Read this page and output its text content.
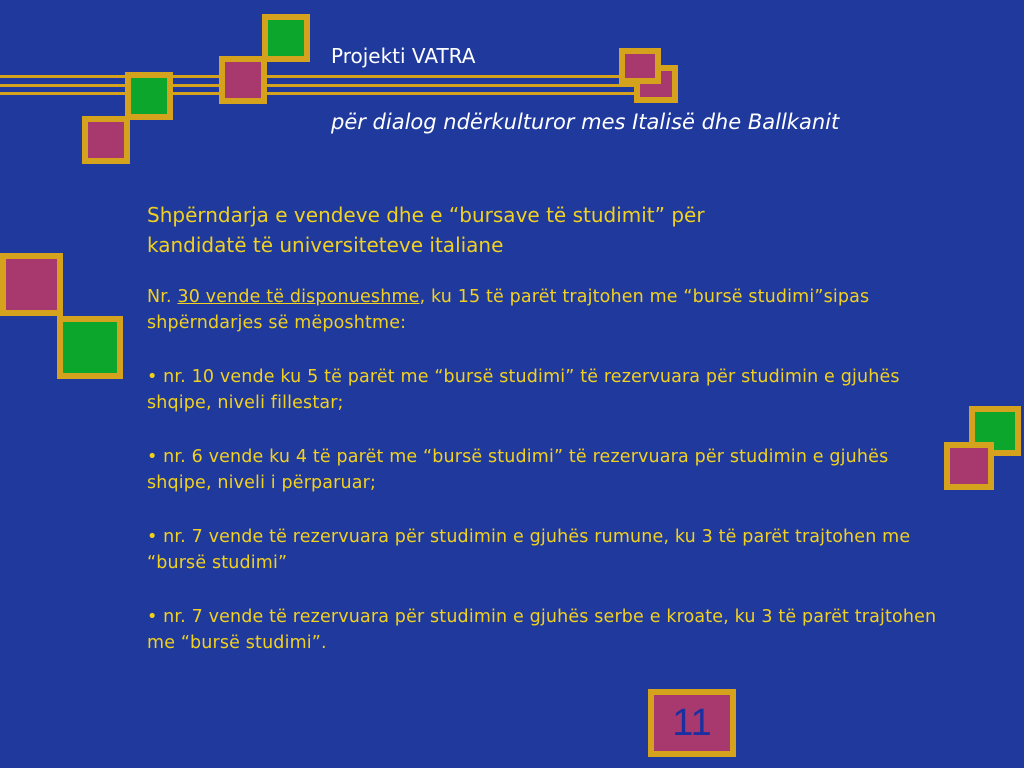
Projekti VATRA
për dialog ndërkulturor mes Italisë dhe Ballkanit
Shpërndarja e vendeve dhe e “bursave të studimit” për
kandidatë të universiteteve italiane
Nr. 30 vende të disponueshme, ku 15 të parët trajtohen me “bursë studimi”sipas shpërndarjes së mëposhtme:
• nr. 10 vende ku 5 të parët me “bursë studimi” të rezervuara për studimin e gjuhës shqipe, niveli fillestar;
• nr. 6 vende ku 4 të parët me “bursë studimi” të rezervuara për studimin e gjuhës shqipe, niveli i përparuar;
• nr. 7 vende të rezervuara për studimin e gjuhës rumune, ku 3 të parët trajtohen me “bursë studimi”
• nr. 7 vende të rezervuara për studimin e gjuhës serbe e kroate, ku 3 të parët trajtohen me “bursë studimi”.
11
